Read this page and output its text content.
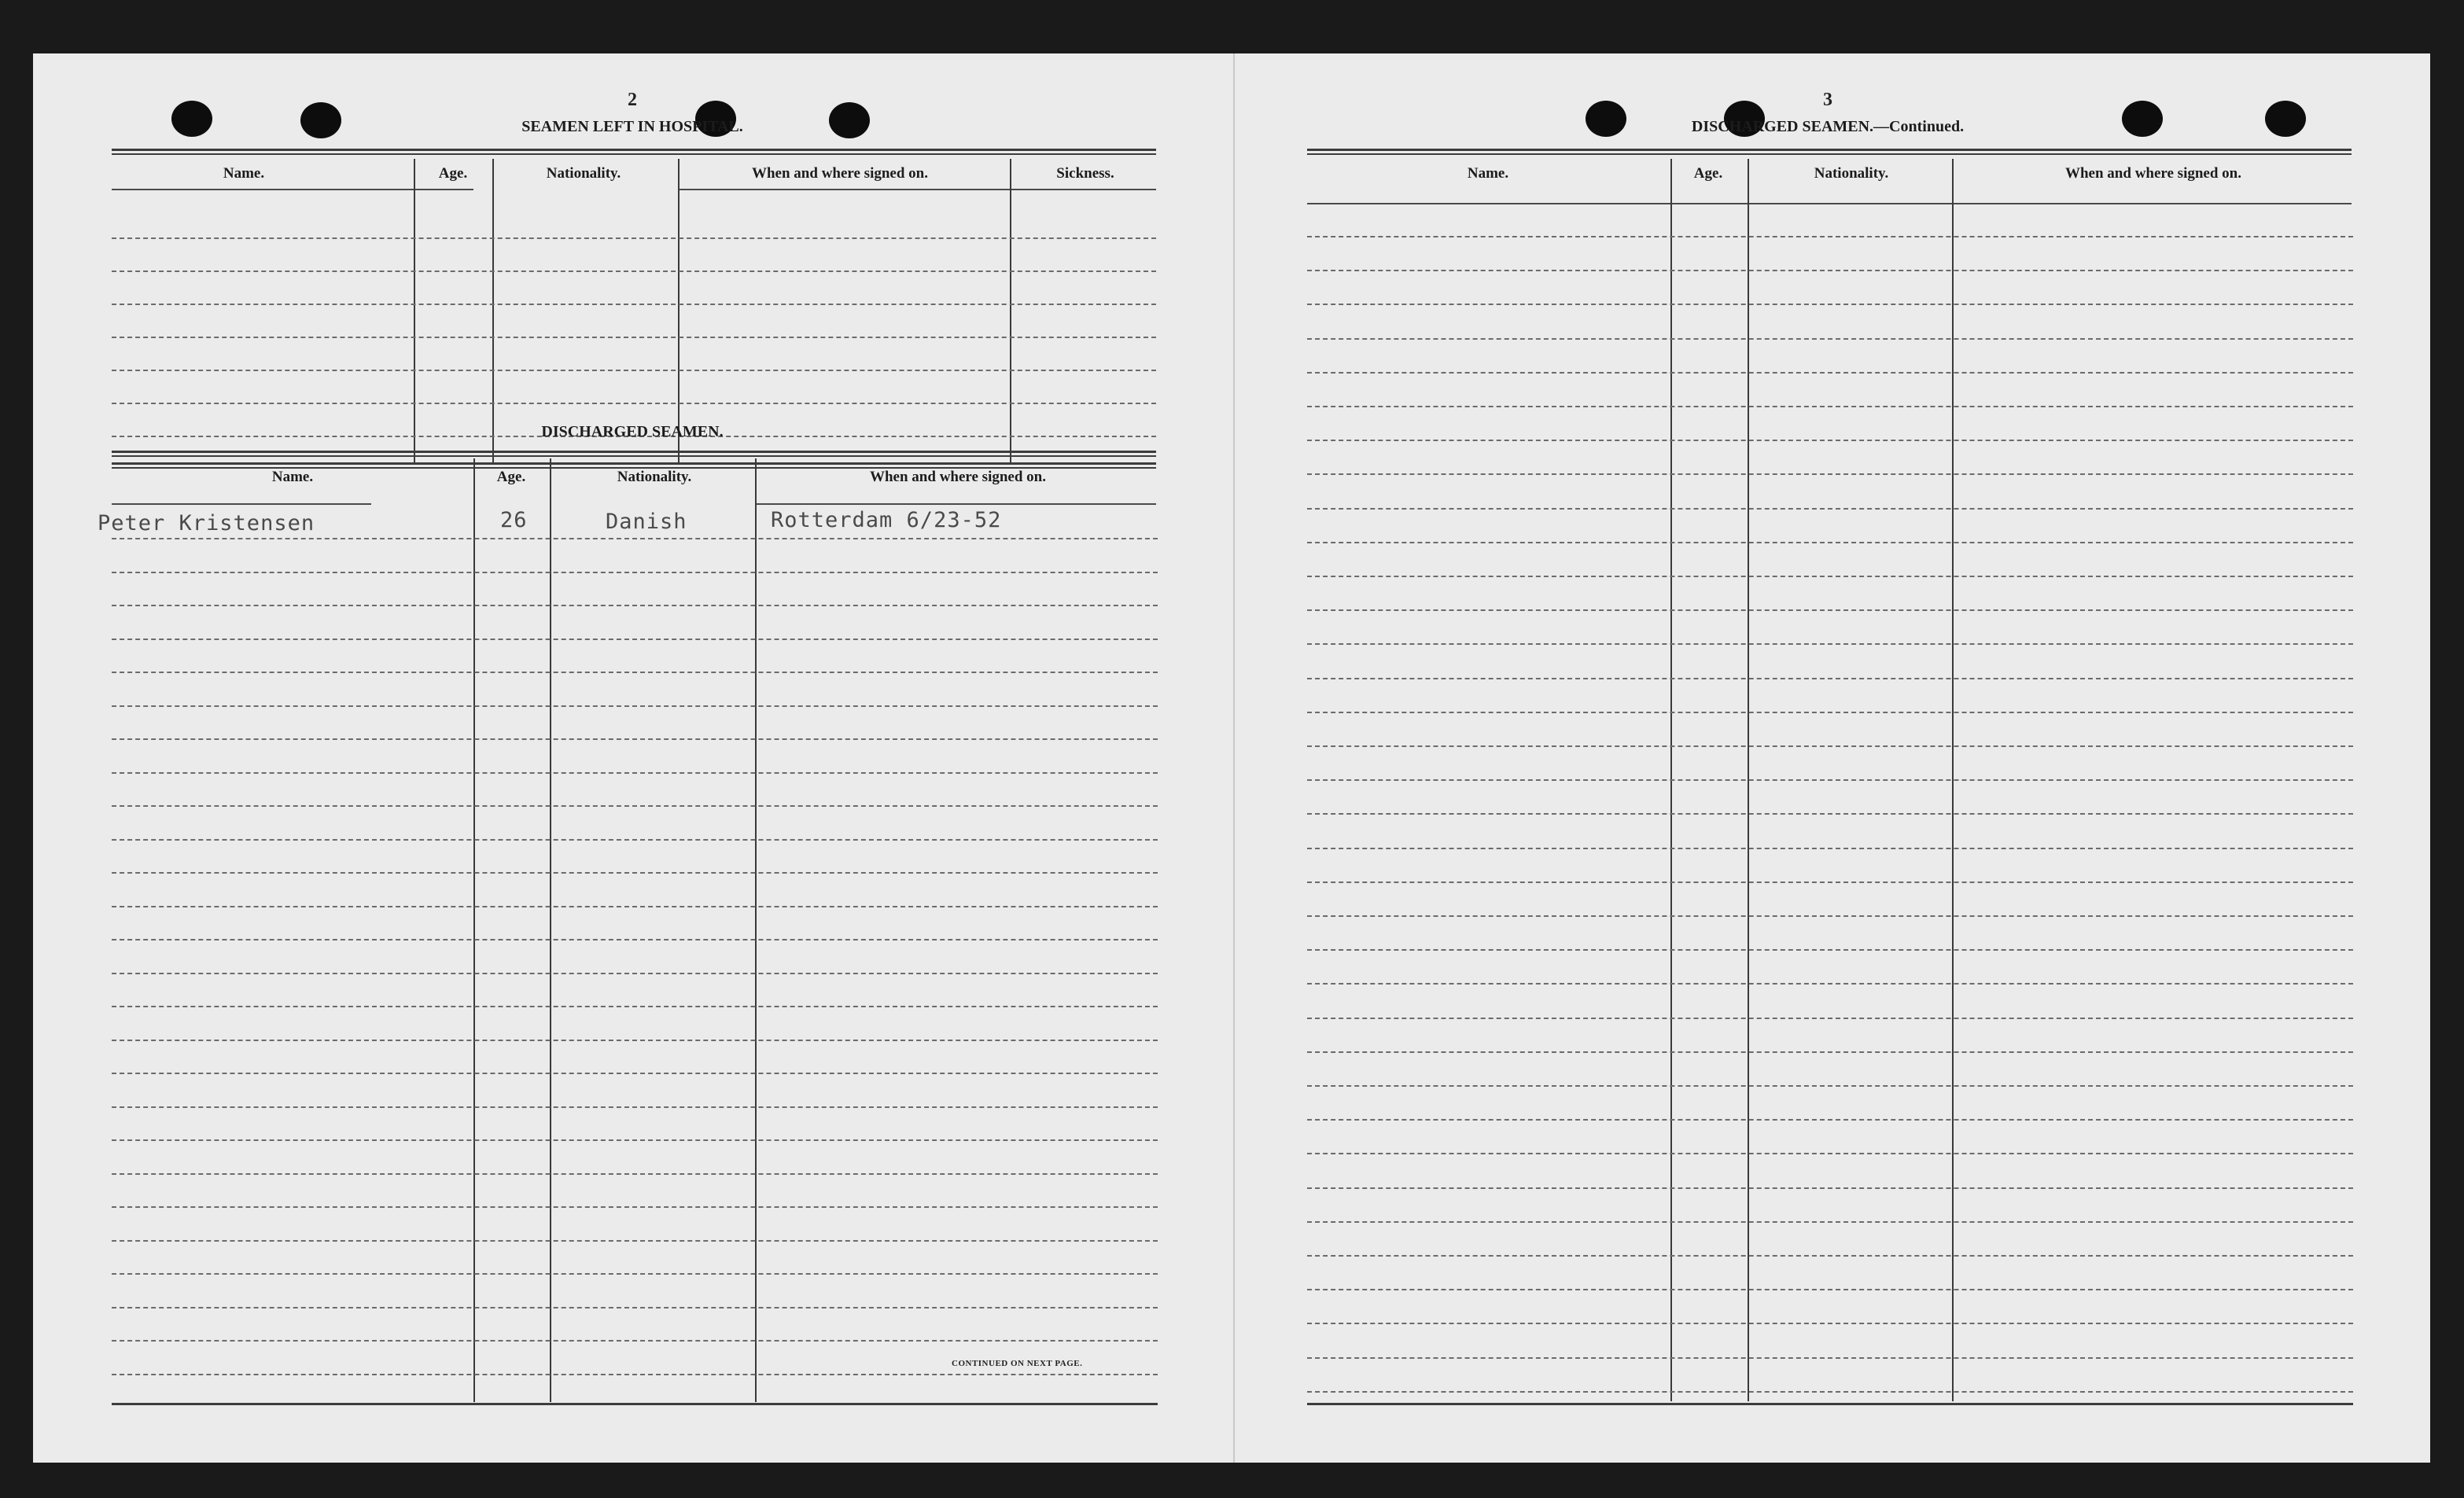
2
SEAMEN LEFT IN HOSPITAL.
Name.	Age.	Nationality.	When and where signed on.	Sickness.
DISCHARGED SEAMEN.
Name.	Age.	Nationality.	When and where signed on.
Peter Kristensen	26	Danish	Rotterdam 6/23-52
CONTINUED ON NEXT PAGE.
3
DISCHARGED SEAMEN.—Continued.
Name.	Age.	Nationality.	When and where signed on.
